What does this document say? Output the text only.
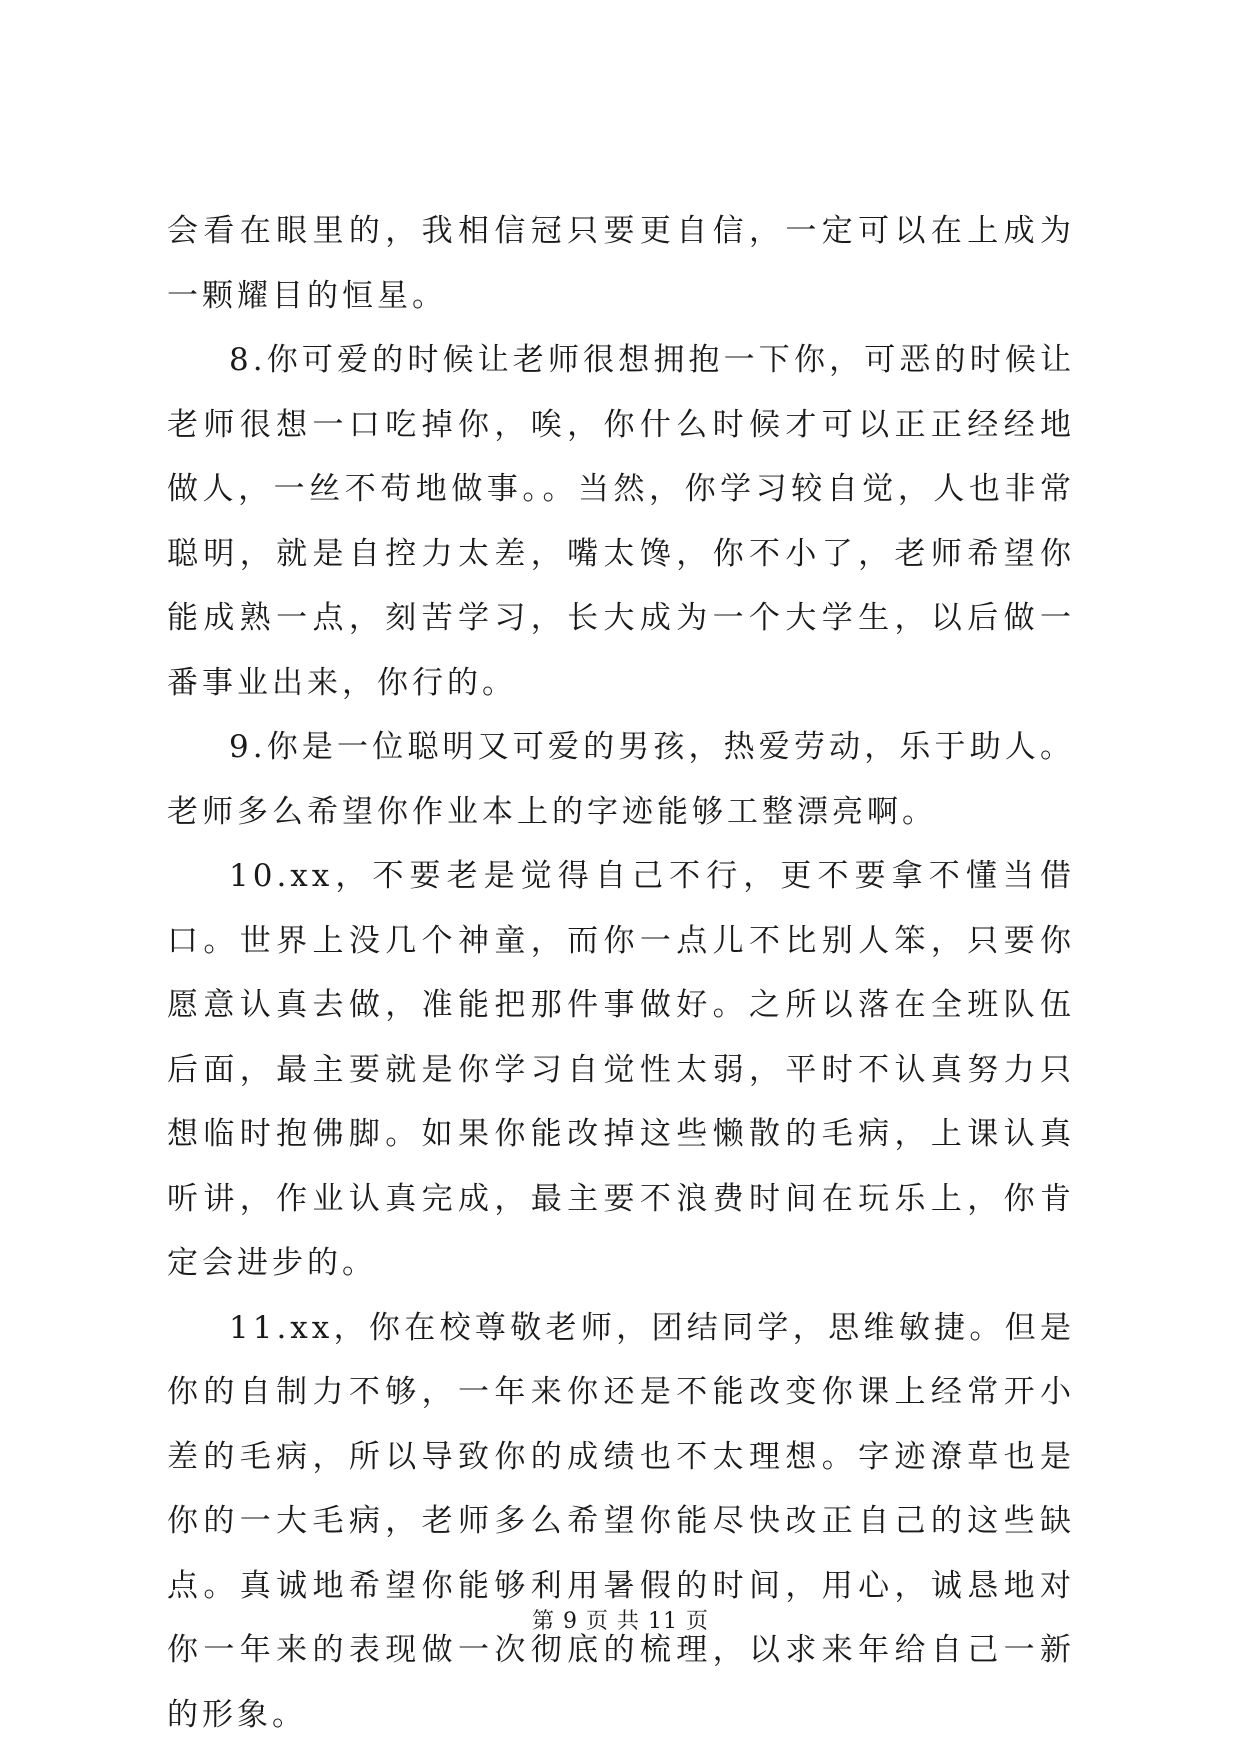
会看在眼里的，我相信冠只要更自信，一定可以在上成为一颗耀目的恒星。

8.你可爱的时候让老师很想拥抱一下你，可恶的时候让老师很想一口吃掉你，唉，你什么时候才可以正正经经地做人，一丝不苟地做事。。当然，你学习较自觉，人也非常聪明，就是自控力太差，嘴太馋，你不小了，老师希望你能成熟一点，刻苦学习，长大成为一个大学生，以后做一番事业出来，你行的。

9.你是一位聪明又可爱的男孩，热爱劳动，乐于助人。老师多么希望你作业本上的字迹能够工整漂亮啊。

10.xx，不要老是觉得自己不行，更不要拿不懂当借口。世界上没几个神童，而你一点儿不比别人笨，只要你愿意认真去做，准能把那件事做好。之所以落在全班队伍后面，最主要就是你学习自觉性太弱，平时不认真努力只想临时抱佛脚。如果你能改掉这些懒散的毛病，上课认真听讲，作业认真完成，最主要不浪费时间在玩乐上，你肯定会进步的。

11.xx，你在校尊敬老师，团结同学，思维敏捷。但是你的自制力不够，一年来你还是不能改变你课上经常开小差的毛病，所以导致你的成绩也不太理想。字迹潦草也是你的一大毛病，老师多么希望你能尽快改正自己的这些缺点。真诚地希望你能够利用暑假的时间，用心，诚恳地对你一年来的表现做一次彻底的梳理，以求来年给自己一新的形象。

第 9 页 共 11 页
